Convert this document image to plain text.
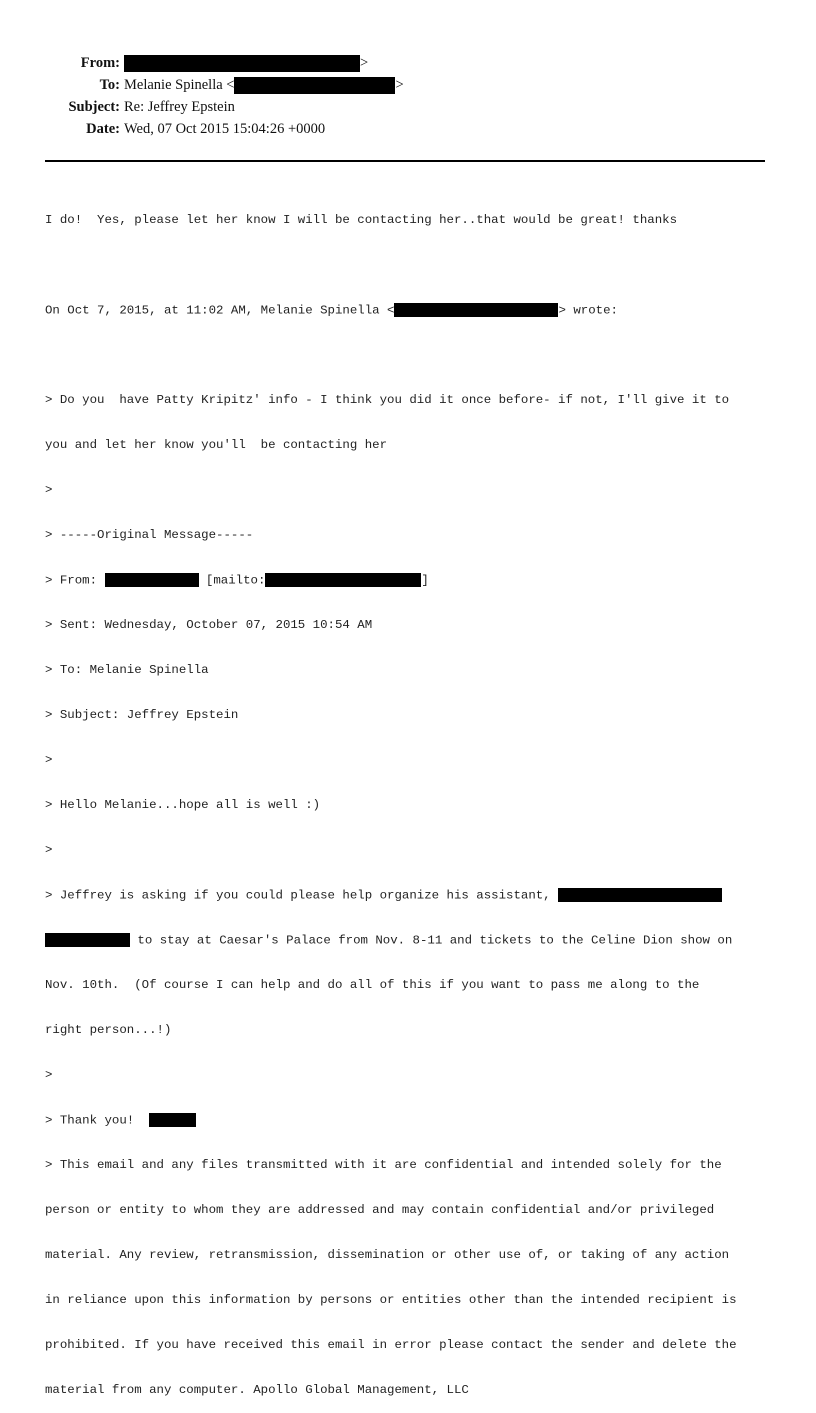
From:	>
To: Melanie Spinella <	>
Subject: Re: Jeffrey Epstein
Date: Wed, 07 Oct 2015 15:04:26 +0000

I do!  Yes, please let her know I will be contacting her..that would be great! thanks

On Oct 7, 2015, at 11:02 AM, Melanie Spinella <	> wrote:

> Do you  have Patty Kripitz' info - I think you did it once before- if not, I'll give it to

you and let her know you'll  be contacting her

>

> -----Original Message-----

> From:	[mailto:	]

> Sent: Wednesday, October 07, 2015 10:54 AM

> To: Melanie Spinella

> Subject: Jeffrey Epstein

>

> Hello Melanie...hope all is well :)

>

> Jeffrey is asking if you could please help organize his assistant,

to stay at Caesar's Palace from Nov. 8-11 and tickets to the Celine Dion show on

Nov. 10th.  (Of course I can help and do all of this if you want to pass me along to the

right person...!)

>

> Thank you!

> This email and any files transmitted with it are confidential and intended solely for the

person or entity to whom they are addressed and may contain confidential and/or privileged

material. Any review, retransmission, dissemination or other use of, or taking of any action

in reliance upon this information by persons or entities other than the intended recipient is

prohibited. If you have received this email in error please contact the sender and delete the

material from any computer. Apollo Global Management, LLC
